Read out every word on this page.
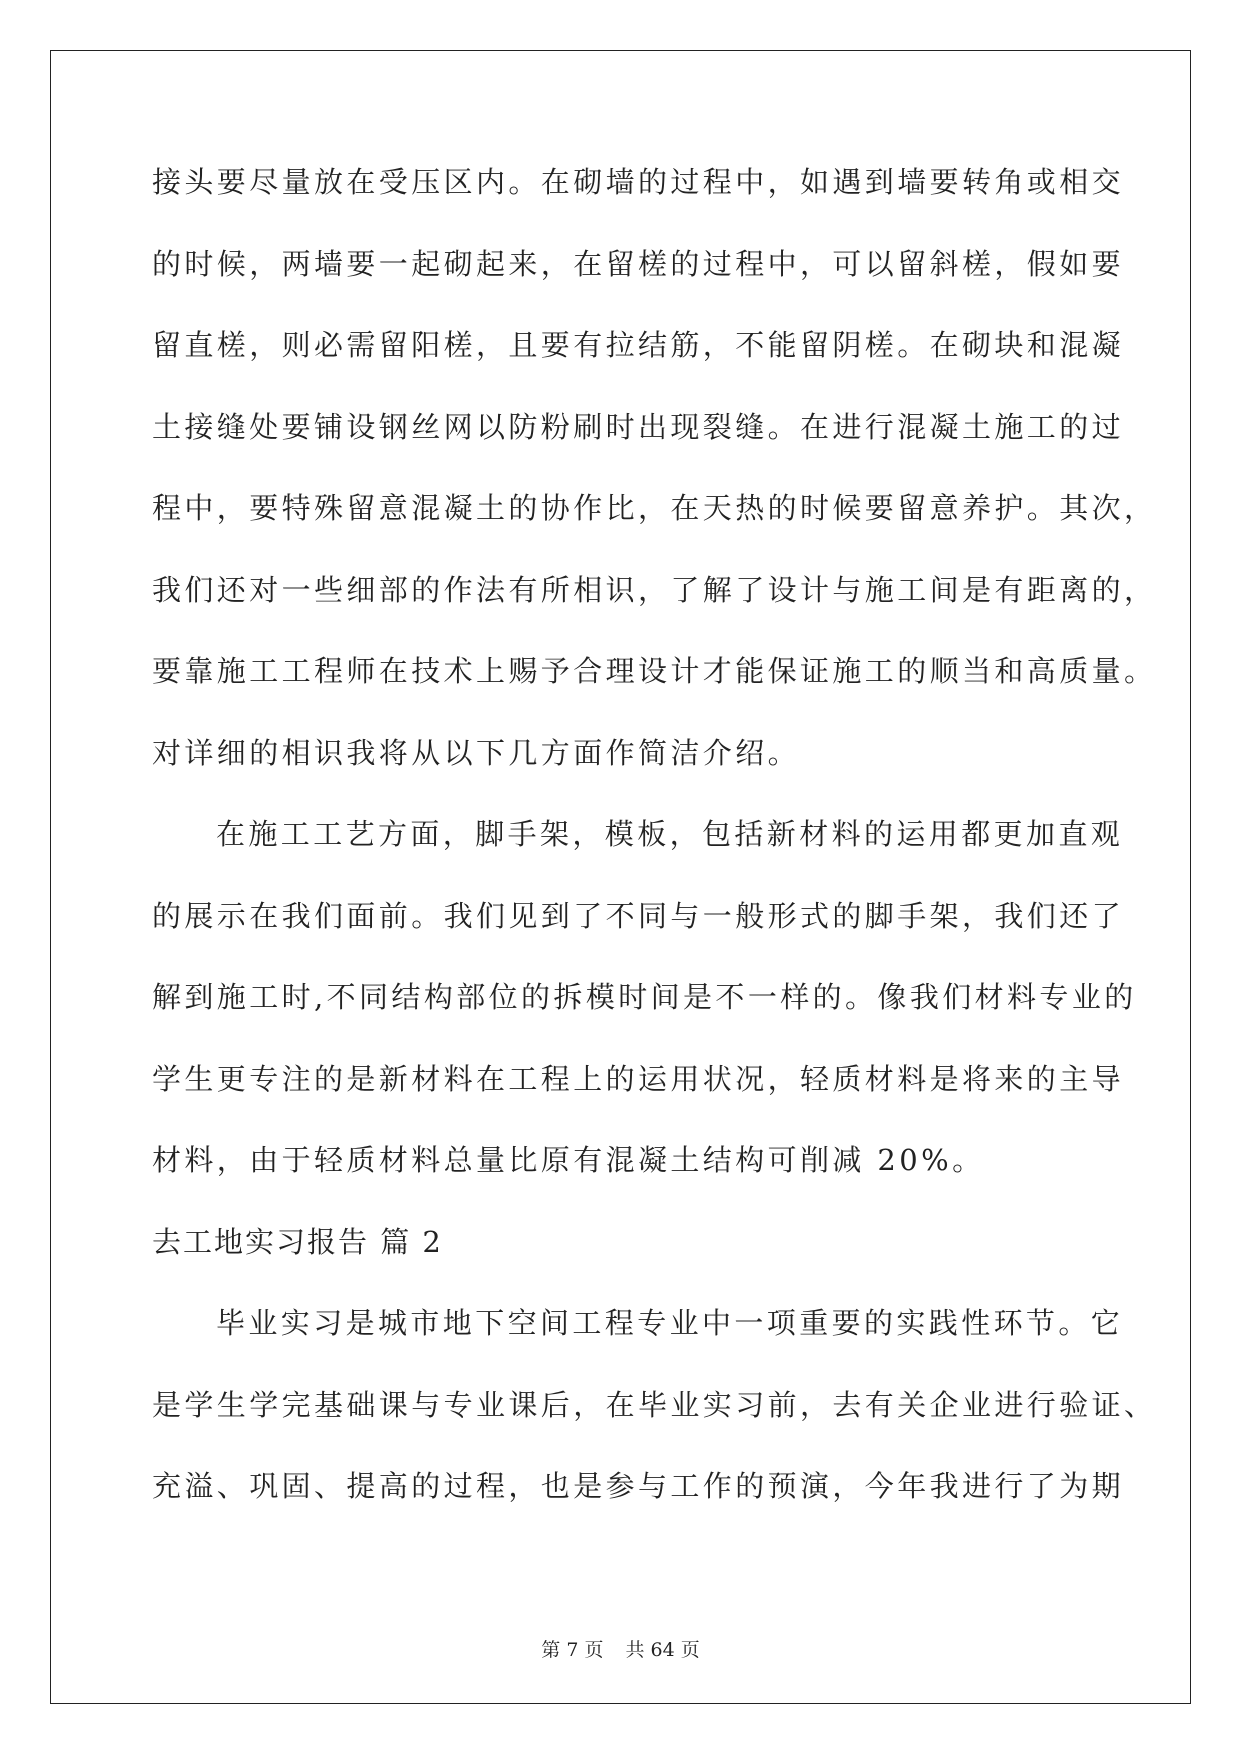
接头要尽量放在受压区内。在砌墙的过程中，如遇到墙要转角或相交
的时候，两墙要一起砌起来，在留槎的过程中，可以留斜槎，假如要
留直槎，则必需留阳槎，且要有拉结筋，不能留阴槎。在砌块和混凝
土接缝处要铺设钢丝网以防粉刷时出现裂缝。在进行混凝土施工的过
程中，要特殊留意混凝土的协作比，在天热的时候要留意养护。其次，
我们还对一些细部的作法有所相识，了解了设计与施工间是有距离的，
要靠施工工程师在技术上赐予合理设计才能保证施工的顺当和高质量。
对详细的相识我将从以下几方面作简洁介绍。
在施工工艺方面，脚手架，模板，包括新材料的运用都更加直观
的展示在我们面前。我们见到了不同与一般形式的脚手架，我们还了
解到施工时,不同结构部位的拆模时间是不一样的。像我们材料专业的
学生更专注的是新材料在工程上的运用状况，轻质材料是将来的主导
材料，由于轻质材料总量比原有混凝土结构可削减 20%。
去工地实习报告 篇 2
毕业实习是城市地下空间工程专业中一项重要的实践性环节。它
是学生学完基础课与专业课后，在毕业实习前，去有关企业进行验证、
充溢、巩固、提高的过程，也是参与工作的预演，今年我进行了为期
第 7 页 共 64 页
